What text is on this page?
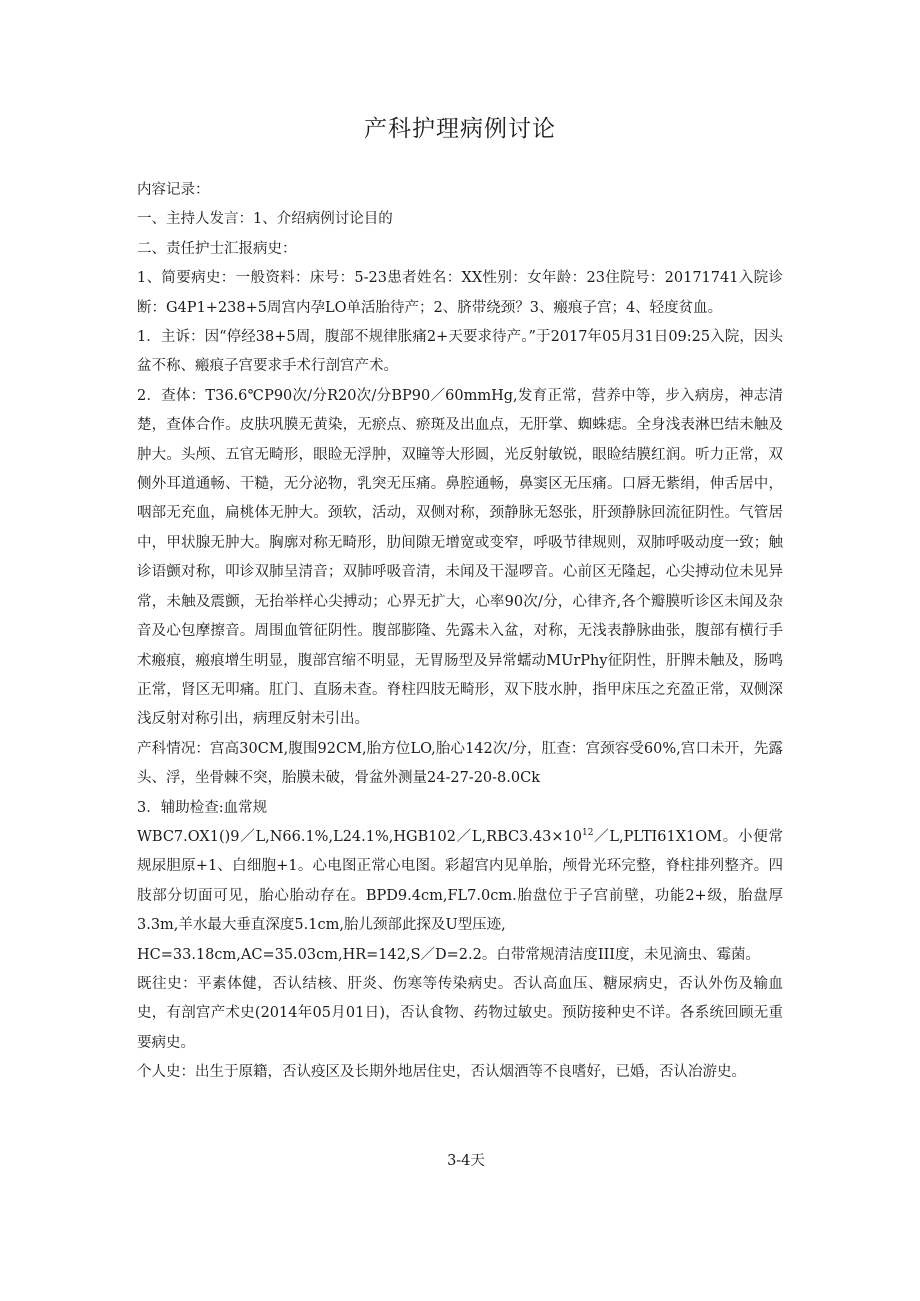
产科护理病例讨论

内容记录：

一、主持人发言：1、介绍病例讨论目的

二、责任护士汇报病史：

1、简要病史：一般资料：床号：5-23患者姓名：XX性别：女年龄：23住院号：20171741入院诊断：G4P1+238+5周宫内孕LO单活胎待产；2、脐带绕颈？3、瘢痕子宫；4、轻度贫血。

1．主诉：因“停经38+5周，腹部不规律胀痛2+天要求待产。”于2017年05月31日09:25入院，因头盆不称、瘢痕子宫要求手术行剖宫产术。

2．查体：T36.6℃P90次/分R20次/分BP90／60mmHg,发育正常，营养中等，步入病房，神志清楚，查体合作。皮肤巩膜无黄染，无瘀点、瘀斑及出血点，无肝掌、蜘蛛痣。全身浅表淋巴结未触及肿大。头颅、五官无畸形，眼睑无浮肿，双瞳等大形圆，光反射敏锐，眼睑结膜红润。听力正常，双侧外耳道通畅、干糙，无分泌物，乳突无压痛。鼻腔通畅，鼻窦区无压痛。口唇无紫绢，伸舌居中，咽部无充血，扁桃体无肿大。颈软，活动，双侧对称，颈静脉无怒张，肝颈静脉回流征阴性。气管居中，甲状腺无肿大。胸廓对称无畸形，肋间隙无增宽或变窄，呼吸节律规则，双肺呼吸动度一致；触诊语颤对称，叩诊双肺呈清音；双肺呼吸音清，未闻及干湿啰音。心前区无隆起，心尖搏动位未见异常，未触及震颤，无抬举样心尖搏动；心界无扩大，心率90次/分，心律齐,各个瓣膜听诊区未闻及杂音及心包摩擦音。周围血管征阴性。腹部膨隆、先露未入盆，对称，无浅表静脉曲张，腹部有横行手术瘢痕，瘢痕增生明显，腹部宫缩不明显，无胃肠型及异常蠕动MUrPhy征阴性，肝脾未触及，肠鸣正常，肾区无叩痛。肛门、直肠未查。脊柱四肢无畸形，双下肢水肿，指甲床压之充盈正常，双侧深浅反射对称引出，病理反射未引出。

产科情况：宫高30CM,腹围92CM,胎方位LO,胎心142次/分，肛查：宫颈容受60%,宫口未开，先露头、浮，坐骨棘不突，胎膜未破，骨盆外测量24-27-20-8.0Ck

3．辅助检查:血常规

$WBC7.OX1()9/L,N66.1\%,L24.1\%,HGB102/L,RBC3.43\times 10^{12}/L,PLTI61X1OM$。小便常规尿胆原+1、白细胞+1。心电图正常心电图。彩超宫内见单胎，颅骨光环完整，脊柱排列整齐。四肢部分切面可见，胎心胎动存在。BPD9.4cm,FL7.0cm.胎盘位于子宫前壁，功能2+级，胎盘厚3.3m,羊水最大垂直深度5.1cm,胎儿颈部此探及U型压迹,

HC=33.18cm,AC=35.03cm,HR=142,S／D=2.2。白带常规清洁度III度，未见滴虫、霉菌。

既往史：平素体健，否认结核、肝炎、伤寒等传染病史。否认高血压、糖尿病史，否认外伤及输血史，有剖宫产术史(2014年05月01日)，否认食物、药物过敏史。预防接种史不详。各系统回顾无重要病史。

个人史：出生于原籍，否认疫区及长期外地居住史，否认烟酒等不良嗜好，已婚，否认冶游史。

3-4天
